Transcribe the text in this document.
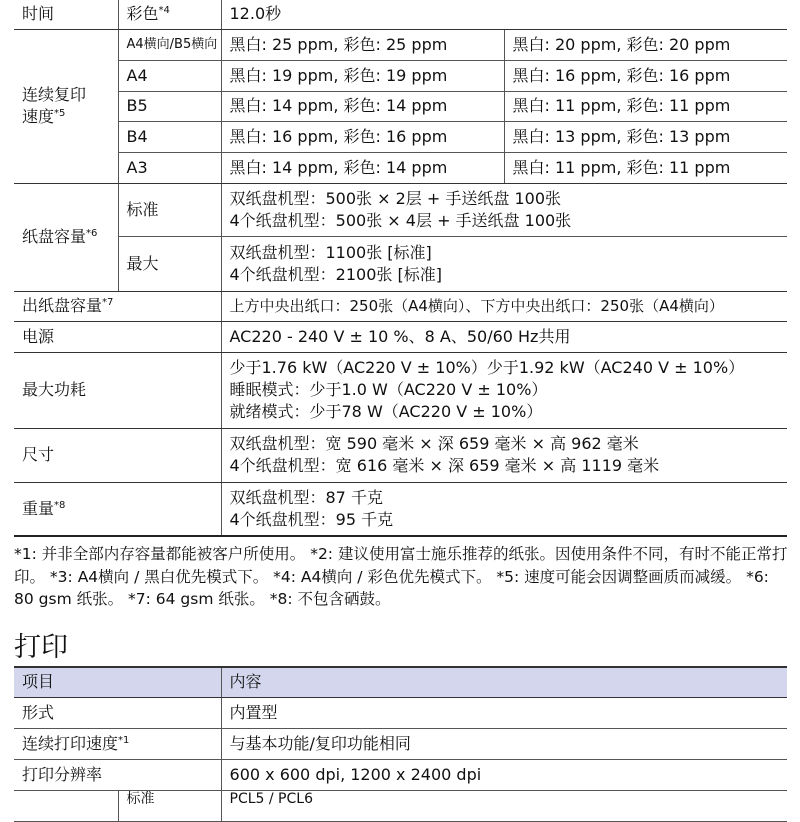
时间	彩色$^{*4}$	12.0秒	

连续复印
速度$^{*5}$	A4横向/B5横向	黑白: 25 ppm, 彩色: 25 ppm	黑白: 20 ppm, 彩色: 20 ppm
	A4	黑白: 19 ppm, 彩色: 19 ppm	黑白: 16 ppm, 彩色: 16 ppm
	B5	黑白: 14 ppm, 彩色: 14 ppm	黑白: 11 ppm, 彩色: 11 ppm
	B4	黑白: 16 ppm, 彩色: 16 ppm	黑白: 13 ppm, 彩色: 13 ppm
	A3	黑白: 14 ppm, 彩色: 14 ppm	黑白: 11 ppm, 彩色: 11 ppm
纸盘容量$^{*6}$	标准	双纸盘机型：500张 × 2层 + 手送纸盘 100张
4个纸盘机型：500张 × 4层 + 手送纸盘 100张	

	最大	双纸盘机型：1100张 [标准]
4个纸盘机型：2100张 [标准]	

出纸盘容量$^{*7}$		上方中央出纸口：250张（A4横向）、下方中央出纸口：250张（A4横向）	
电源		AC220 - 240 V ± 10 %、8 A、50/60 Hz共用	
最大功耗		少于1.76 kW（AC220 V ± 10%）少于1.92 kW（AC240 V ± 10%）
睡眠模式：少于1.0 W（AC220 V ± 10%）
就绪模式：少于78 W（AC220 V ± 10%）	

尺寸		双纸盘机型：宽 590 毫米 × 深 659 毫米 × 高 962 毫米
4个纸盘机型：宽 616 毫米 × 深 659 毫米 × 高 1119 毫米	

重量$^{*8}$		双纸盘机型：87 千克
4个纸盘机型：95 千克	

*1: 并非全部内存容量都能被客户所使用。 *2: 建议使用富士施乐推荐的纸张。因使用条件不同，有时不能正常打印。 *3: A4横向 / 黑白优先模式下。 *4: A4横向 / 彩色优先模式下。 *5: 速度可能会因调整画质而减缓。 *6: 80 gsm 纸张。 *7: 64 gsm 纸张。 *8: 不包含硒鼓。

打印
项目		内容
形式		内置型
连续打印速度$^{*1}$		与基本功能/复印功能相同
打印分辨率		600 x 600 dpi, 1200 x 2400 dpi
	标准	PCL5 / PCL6
